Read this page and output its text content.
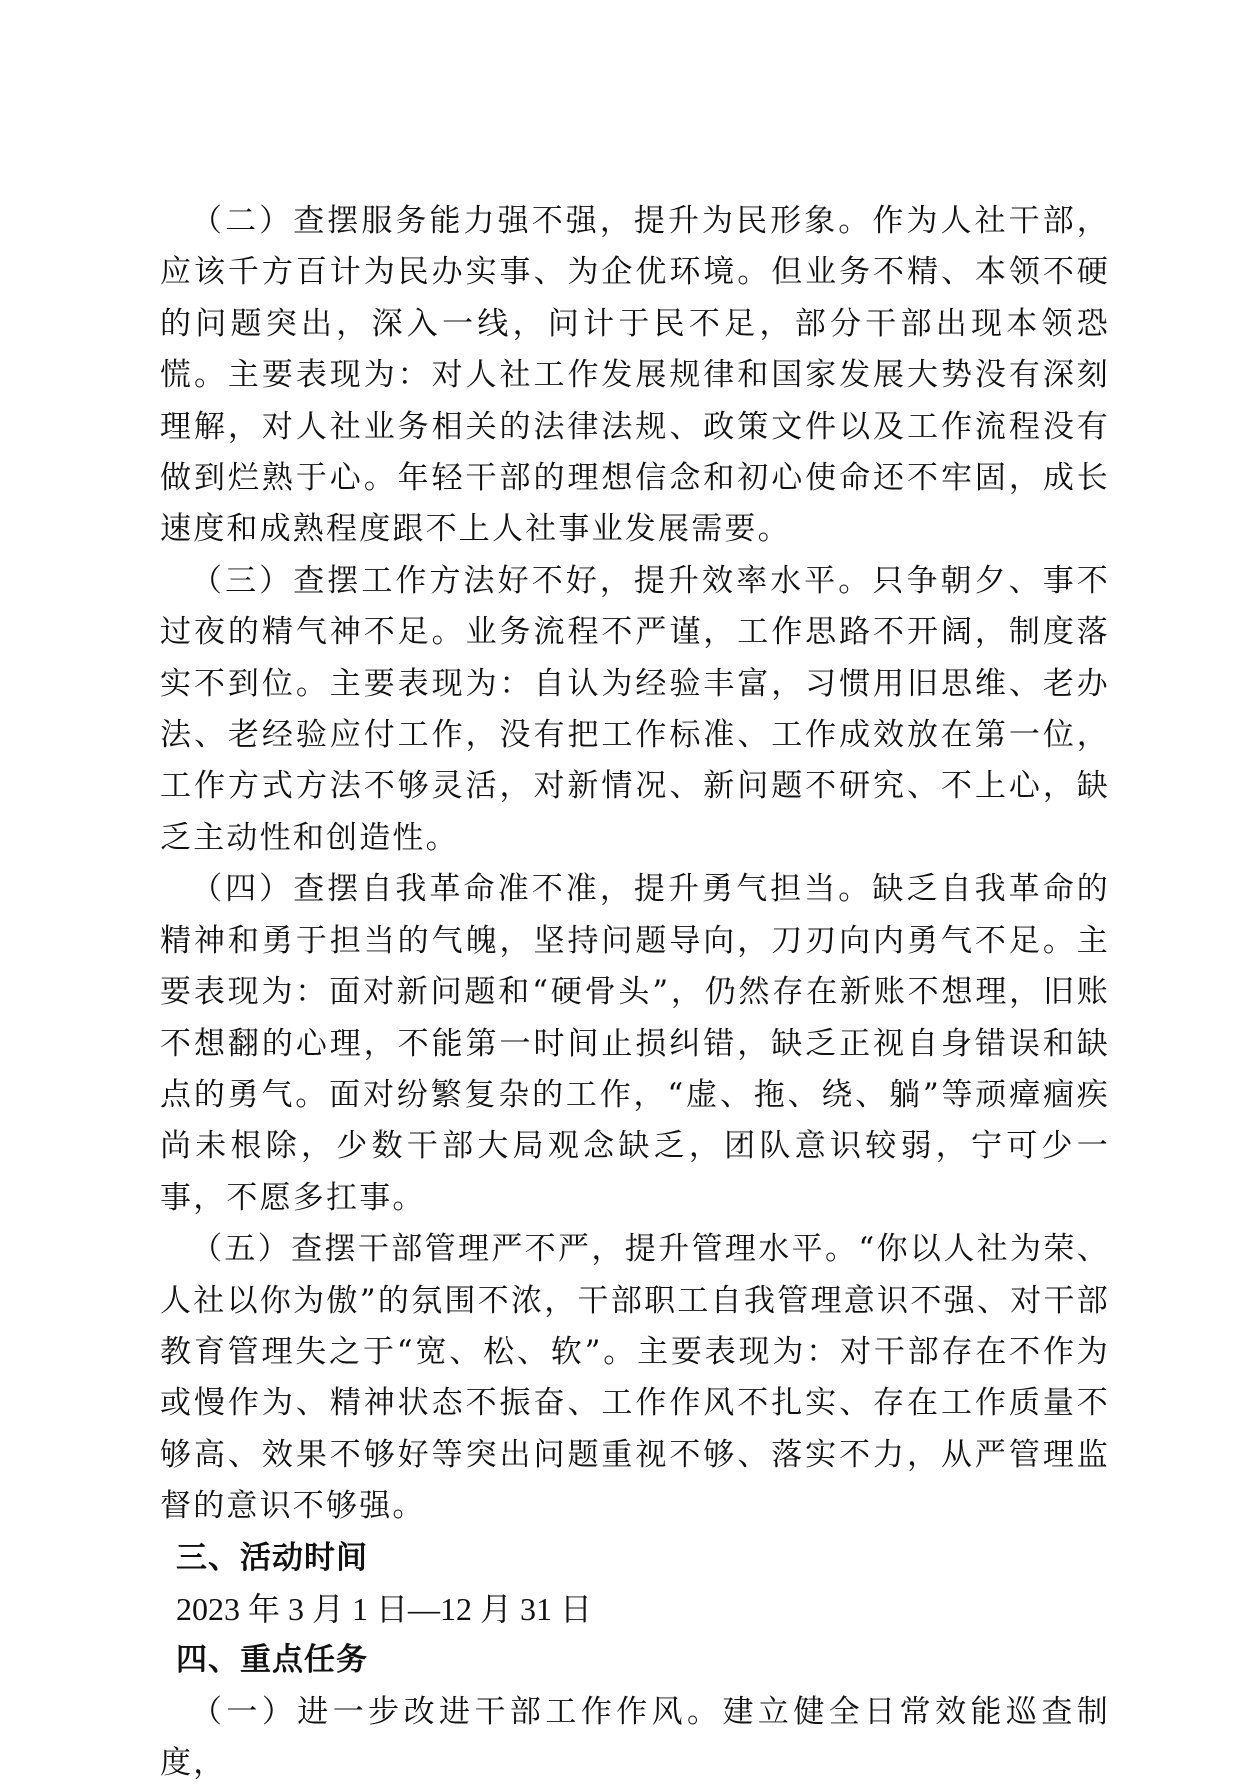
（二）查摆服务能力强不强，提升为民形象。作为人社干部，应该千方百计为民办实事、为企优环境。但业务不精、本领不硬的问题突出，深入一线，问计于民不足，部分干部出现本领恐慌。主要表现为：对人社工作发展规律和国家发展大势没有深刻理解，对人社业务相关的法律法规、政策文件以及工作流程没有做到烂熟于心。年轻干部的理想信念和初心使命还不牢固，成长速度和成熟程度跟不上人社事业发展需要。

（三）查摆工作方法好不好，提升效率水平。只争朝夕、事不过夜的精气神不足。业务流程不严谨，工作思路不开阔，制度落实不到位。主要表现为：自认为经验丰富，习惯用旧思维、老办法、老经验应付工作，没有把工作标准、工作成效放在第一位，工作方式方法不够灵活，对新情况、新问题不研究、不上心，缺乏主动性和创造性。

（四）查摆自我革命准不准，提升勇气担当。缺乏自我革命的精神和勇于担当的气魄，坚持问题导向，刀刃向内勇气不足。主要表现为：面对新问题和“硬骨头”，仍然存在新账不想理，旧账不想翻的心理，不能第一时间止损纠错，缺乏正视自身错误和缺点的勇气。面对纷繁复杂的工作，“虚、拖、绕、躺”等顽瘴痼疾尚未根除，少数干部大局观念缺乏，团队意识较弱，宁可少一事，不愿多扛事。

（五）查摆干部管理严不严，提升管理水平。“你以人社为荣、人社以你为傲”的氛围不浓，干部职工自我管理意识不强、对干部教育管理失之于“宽、松、软”。主要表现为：对干部存在不作为或慢作为、精神状态不振奋、工作作风不扎实、存在工作质量不够高、效果不够好等突出问题重视不够、落实不力，从严管理监督的意识不够强。

三、活动时间

2023 年 3 月 1 日—12 月 31 日

四、重点任务

（一）进一步改进干部工作作风。建立健全日常效能巡查制度，
